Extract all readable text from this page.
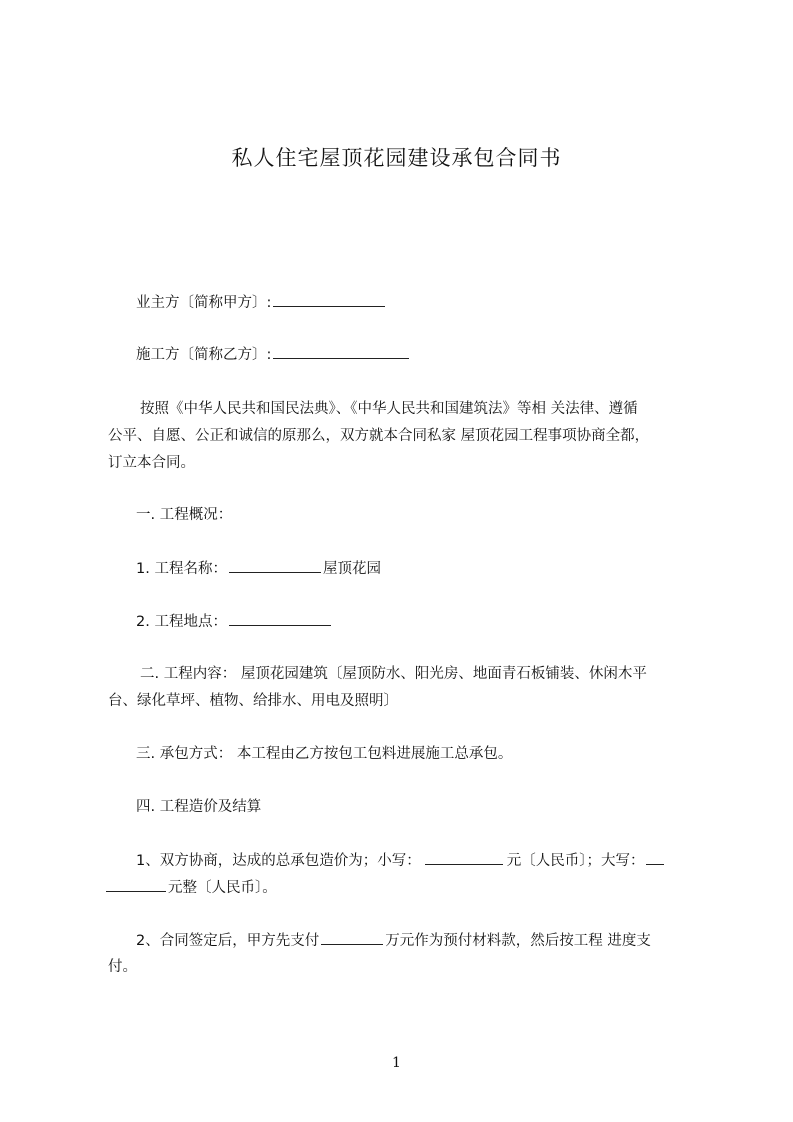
私人住宅屋顶花园建设承包合同书
业主方〔简称甲方〕:
施工方〔简称乙方〕:
按照《中华人民共和国民法典》、《中华人民共和国建筑法》等相 关法律、遵循
公平、自愿、公正和诚信的原那么，双方就本合同私家 屋顶花园工程事项协商全都，
订立本合同。
一. 工程概况：
1. 工程名称：	屋顶花园
2. 工程地点：
二. 工程内容： 屋顶花园建筑〔屋顶防水、阳光房、地面青石板铺装、休闲木平
台、绿化草坪、植物、给排水、用电及照明〕
三. 承包方式： 本工程由乙方按包工包料进展施工总承包。
四. 工程造价及结算
1、双方协商，达成的总承包造价为；小写：	元〔人民币〕；大写：
元整〔人民币〕。
2、合同签定后，甲方先支付	万元作为预付材料款，然后按工程 进度支
付。
1
